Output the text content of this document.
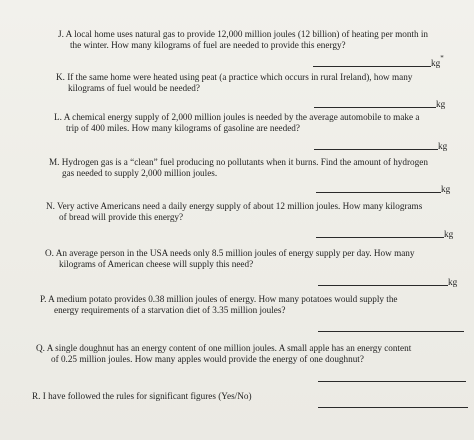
J. A local home uses natural gas to provide 12,000 million joules (12 billion) of heating per month in
the winter. How many kilograms of fuel are needed to provide this energy?
kg*
K. If the same home were heated using peat (a practice which occurs in rural Ireland), how many
kilograms of fuel would be needed?
kg
L. A chemical energy supply of 2,000 million joules is needed by the average automobile to make a
trip of 400 miles. How many kilograms of gasoline are needed?
kg
M. Hydrogen gas is a “clean” fuel producing no pollutants when it burns. Find the amount of hydrogen
gas needed to supply 2,000 million joules.
kg
N. Very active Americans need a daily energy supply of about 12 million joules. How many kilograms
of bread will provide this energy?
kg
O. An average person in the USA needs only 8.5 million joules of energy supply per day. How many
kilograms of American cheese will supply this need?
kg
P. A medium potato provides 0.38 million joules of energy. How many potatoes would supply the
energy requirements of a starvation diet of 3.35 million joules?
Q. A single doughnut has an energy content of one million joules. A small apple has an energy content
of 0.25 million joules. How many apples would provide the energy of one doughnut?
R. I have followed the rules for significant figures (Yes/No)
